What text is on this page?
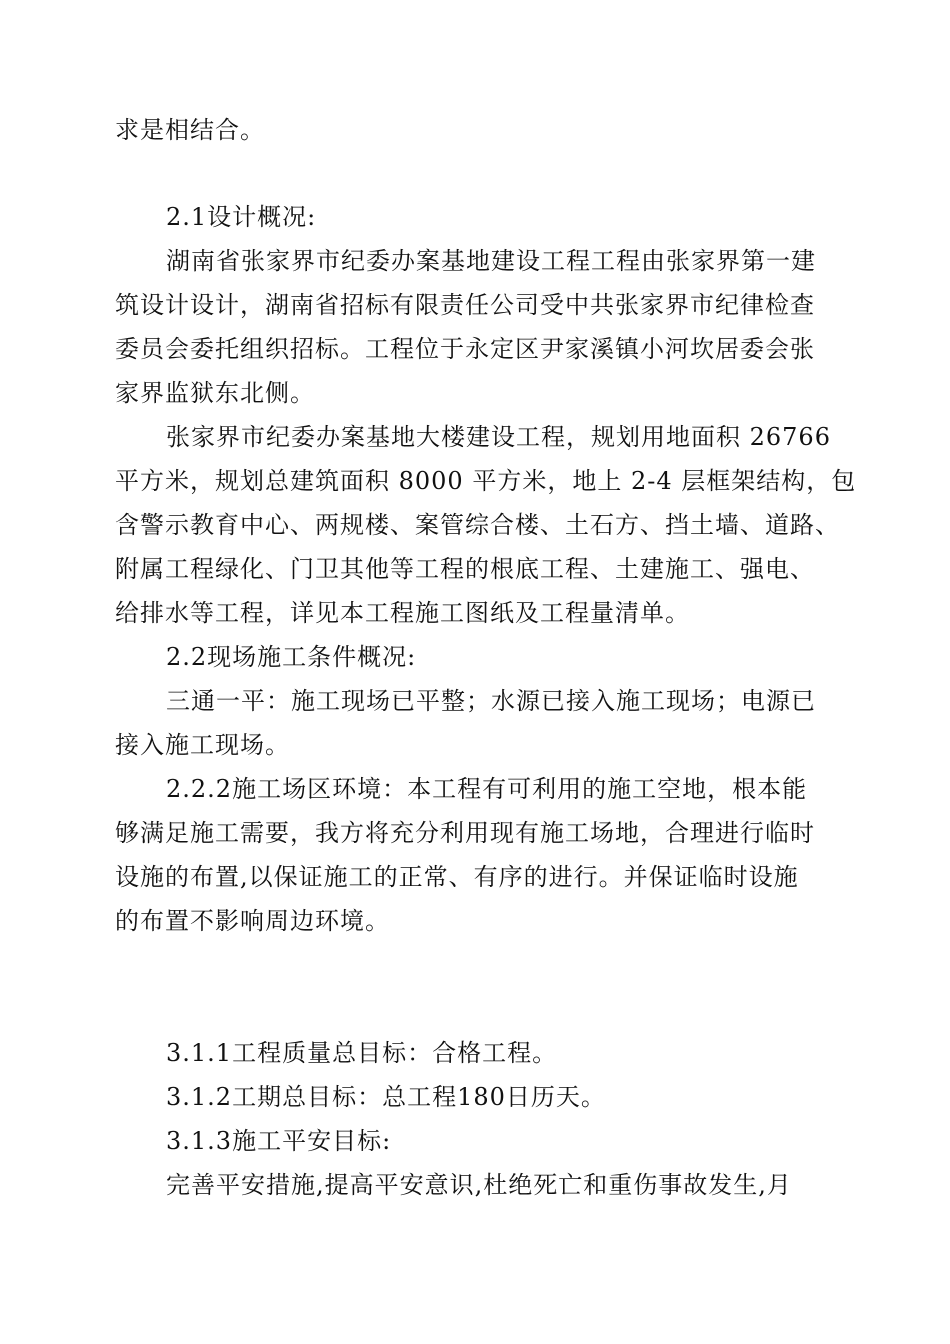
求是相结合。
2.1设计概况:
湖南省张家界市纪委办案基地建设工程工程由张家界第一建
筑设计设计，湖南省招标有限责任公司受中共张家界市纪律检查
委员会委托组织招标。工程位于永定区尹家溪镇小河坎居委会张
家界监狱东北侧。
张家界市纪委办案基地大楼建设工程，规划用地面积 26766
平方米，规划总建筑面积 8000 平方米，地上 2-4 层框架结构，包
含警示教育中心、两规楼、案管综合楼、土石方、挡土墙、道路、
附属工程绿化、门卫其他等工程的根底工程、土建施工、强电、
给排水等工程，详见本工程施工图纸及工程量清单。
2.2现场施工条件概况:
三通一平：施工现场已平整；水源已接入施工现场；电源已
接入施工现场。
2.2.2施工场区环境：本工程有可利用的施工空地，根本能
够满足施工需要，我方将充分利用现有施工场地，合理进行临时
设施的布置,以保证施工的正常、有序的进行。并保证临时设施
的布置不影响周边环境。
3.1.1工程质量总目标：合格工程。
3.1.2工期总目标：总工程180日历天。
3.1.3施工平安目标:
完善平安措施,提高平安意识,杜绝死亡和重伤事故发生,月
